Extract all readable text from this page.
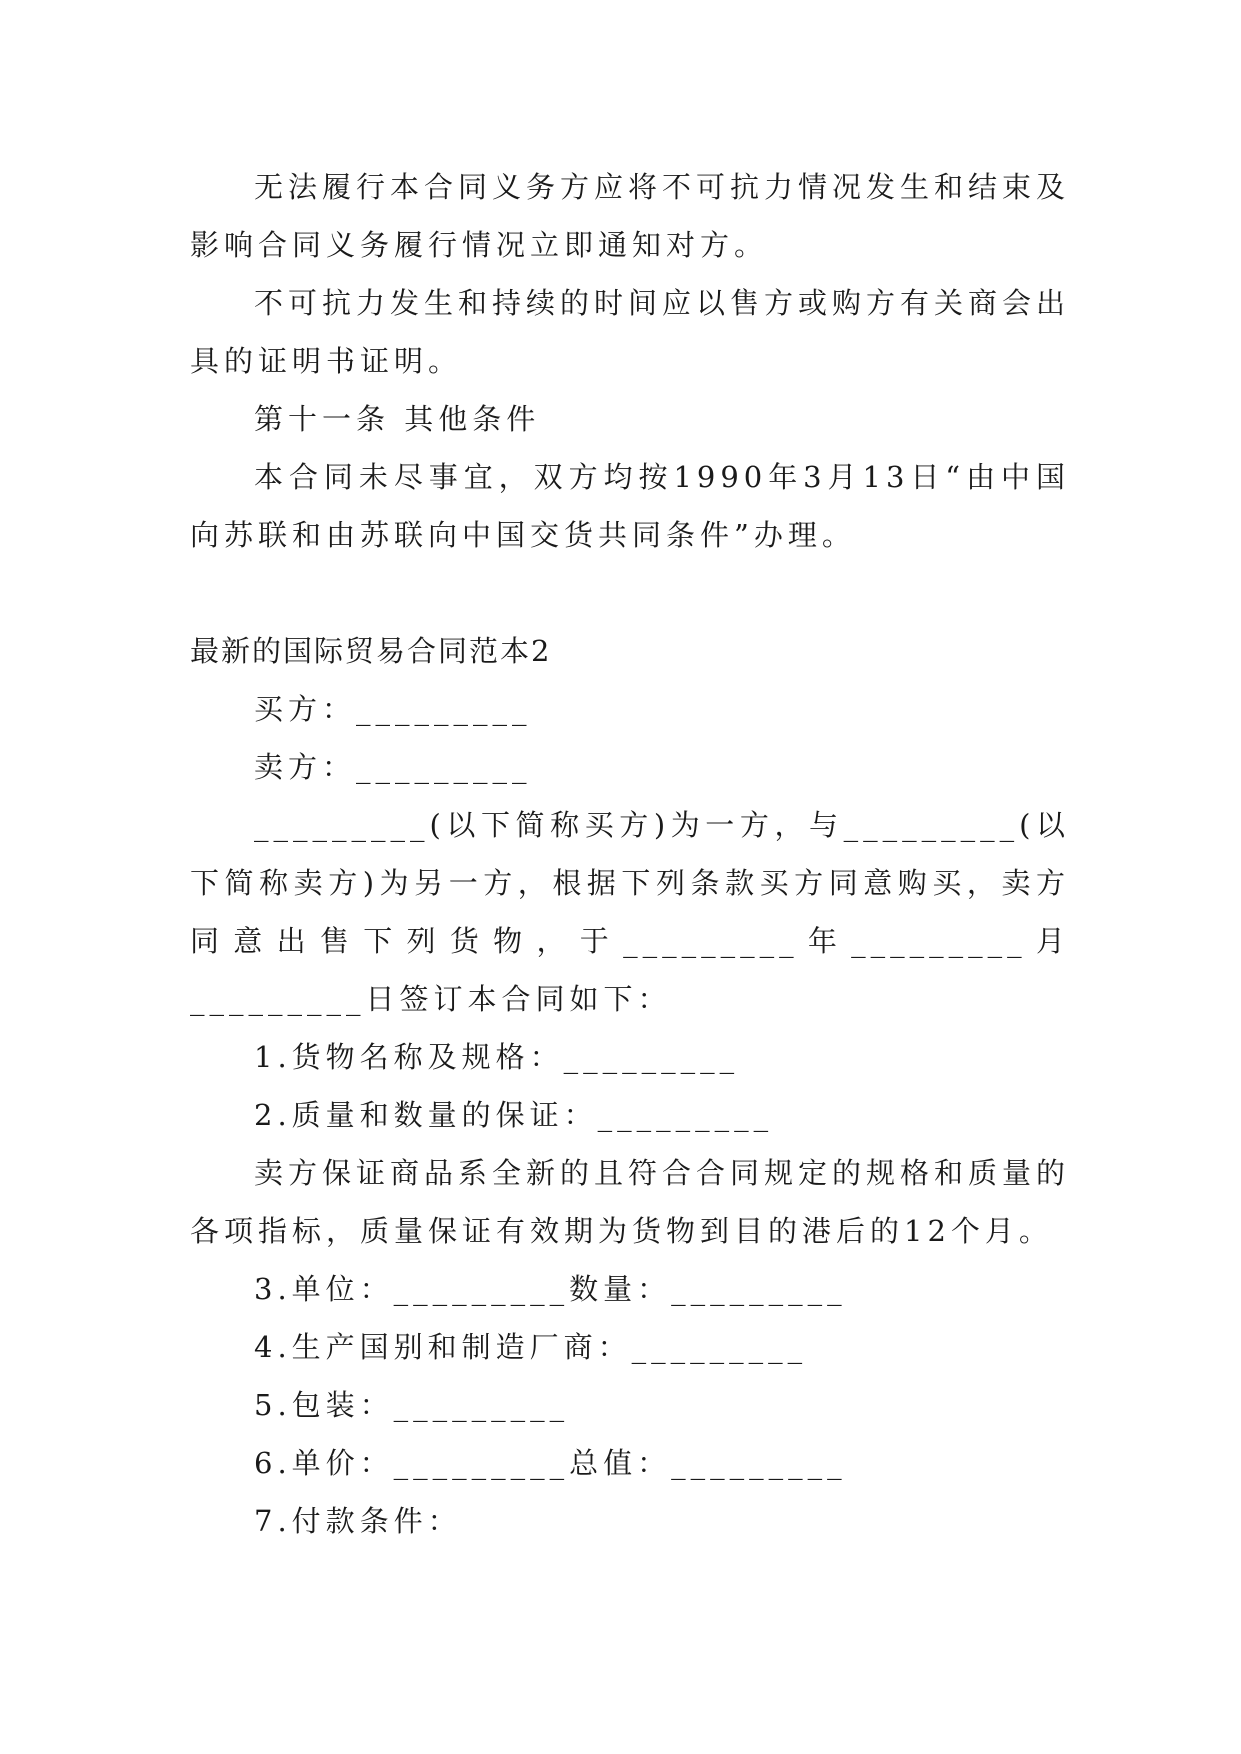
无法履行本合同义务方应将不可抗力情况发生和结束及影响合同义务履行情况立即通知对方。

不可抗力发生和持续的时间应以售方或购方有关商会出具的证明书证明。

第十一条 其他条件

本合同未尽事宜，双方均按1990年3月13日“由中国向苏联和由苏联向中国交货共同条件”办理。

最新的国际贸易合同范本2

买方：_________

卖方：_________

_________(以下简称买方)为一方，与_________(以下简称卖方)为另一方，根据下列条款买方同意购买，卖方同意出售下列货物，于_________年_________月_________日签订本合同如下：

1.货物名称及规格：_________

2.质量和数量的保证：_________

卖方保证商品系全新的且符合合同规定的规格和质量的各项指标，质量保证有效期为货物到目的港后的12个月。

3.单位：_________数量：_________

4.生产国别和制造厂商：_________

5.包装：_________

6.单价：_________总值：_________

7.付款条件：
